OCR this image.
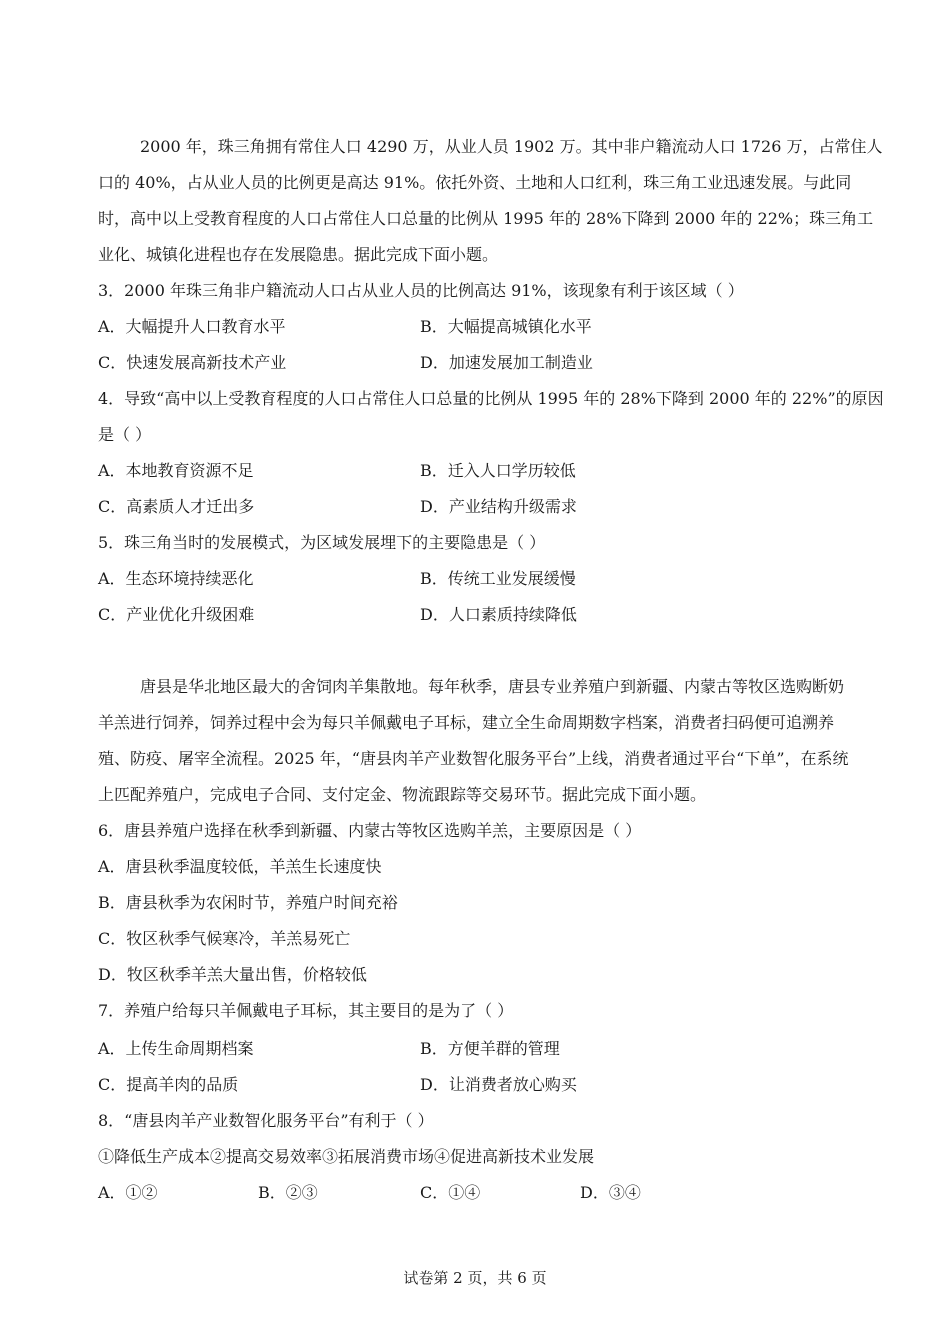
2000 年，珠三角拥有常住人口 4290 万，从业人员 1902 万。其中非户籍流动人口 1726 万，占常住人
口的 40%，占从业人员的比例更是高达 91%。依托外资、土地和人口红利，珠三角工业迅速发展。与此同
时，高中以上受教育程度的人口占常住人口总量的比例从 1995 年的 28%下降到 2000 年的 22%；珠三角工
业化、城镇化进程也存在发展隐患。据此完成下面小题。
3．2000 年珠三角非户籍流动人口占从业人员的比例高达 91%，该现象有利于该区域（ ）
A．大幅提升人口教育水平	B．大幅提高城镇化水平
C．快速发展高新技术产业	D．加速发展加工制造业
4．导致“高中以上受教育程度的人口占常住人口总量的比例从 1995 年的 28%下降到 2000 年的 22%”的原因
是（ ）
A．本地教育资源不足	B．迁入人口学历较低
C．高素质人才迁出多	D．产业结构升级需求
5．珠三角当时的发展模式，为区域发展埋下的主要隐患是（ ）
A．生态环境持续恶化	B．传统工业发展缓慢
C．产业优化升级困难	D．人口素质持续降低
唐县是华北地区最大的舍饲肉羊集散地。每年秋季，唐县专业养殖户到新疆、内蒙古等牧区选购断奶
羊羔进行饲养，饲养过程中会为每只羊佩戴电子耳标，建立全生命周期数字档案，消费者扫码便可追溯养
殖、防疫、屠宰全流程。2025 年，“唐县肉羊产业数智化服务平台”上线，消费者通过平台“下单”，在系统
上匹配养殖户，完成电子合同、支付定金、物流跟踪等交易环节。据此完成下面小题。
6．唐县养殖户选择在秋季到新疆、内蒙古等牧区选购羊羔，主要原因是（ ）
A．唐县秋季温度较低，羊羔生长速度快
B．唐县秋季为农闲时节，养殖户时间充裕
C．牧区秋季气候寒冷，羊羔易死亡
D．牧区秋季羊羔大量出售，价格较低
7．养殖户给每只羊佩戴电子耳标，其主要目的是为了（ ）
A．上传生命周期档案	B．方便羊群的管理
C．提高羊肉的品质	D．让消费者放心购买
8．“唐县肉羊产业数智化服务平台”有利于（ ）
①降低生产成本②提高交易效率③拓展消费市场④促进高新技术业发展
A．①②	B．②③	C．①④	D．③④
试卷第 2 页，共 6 页
